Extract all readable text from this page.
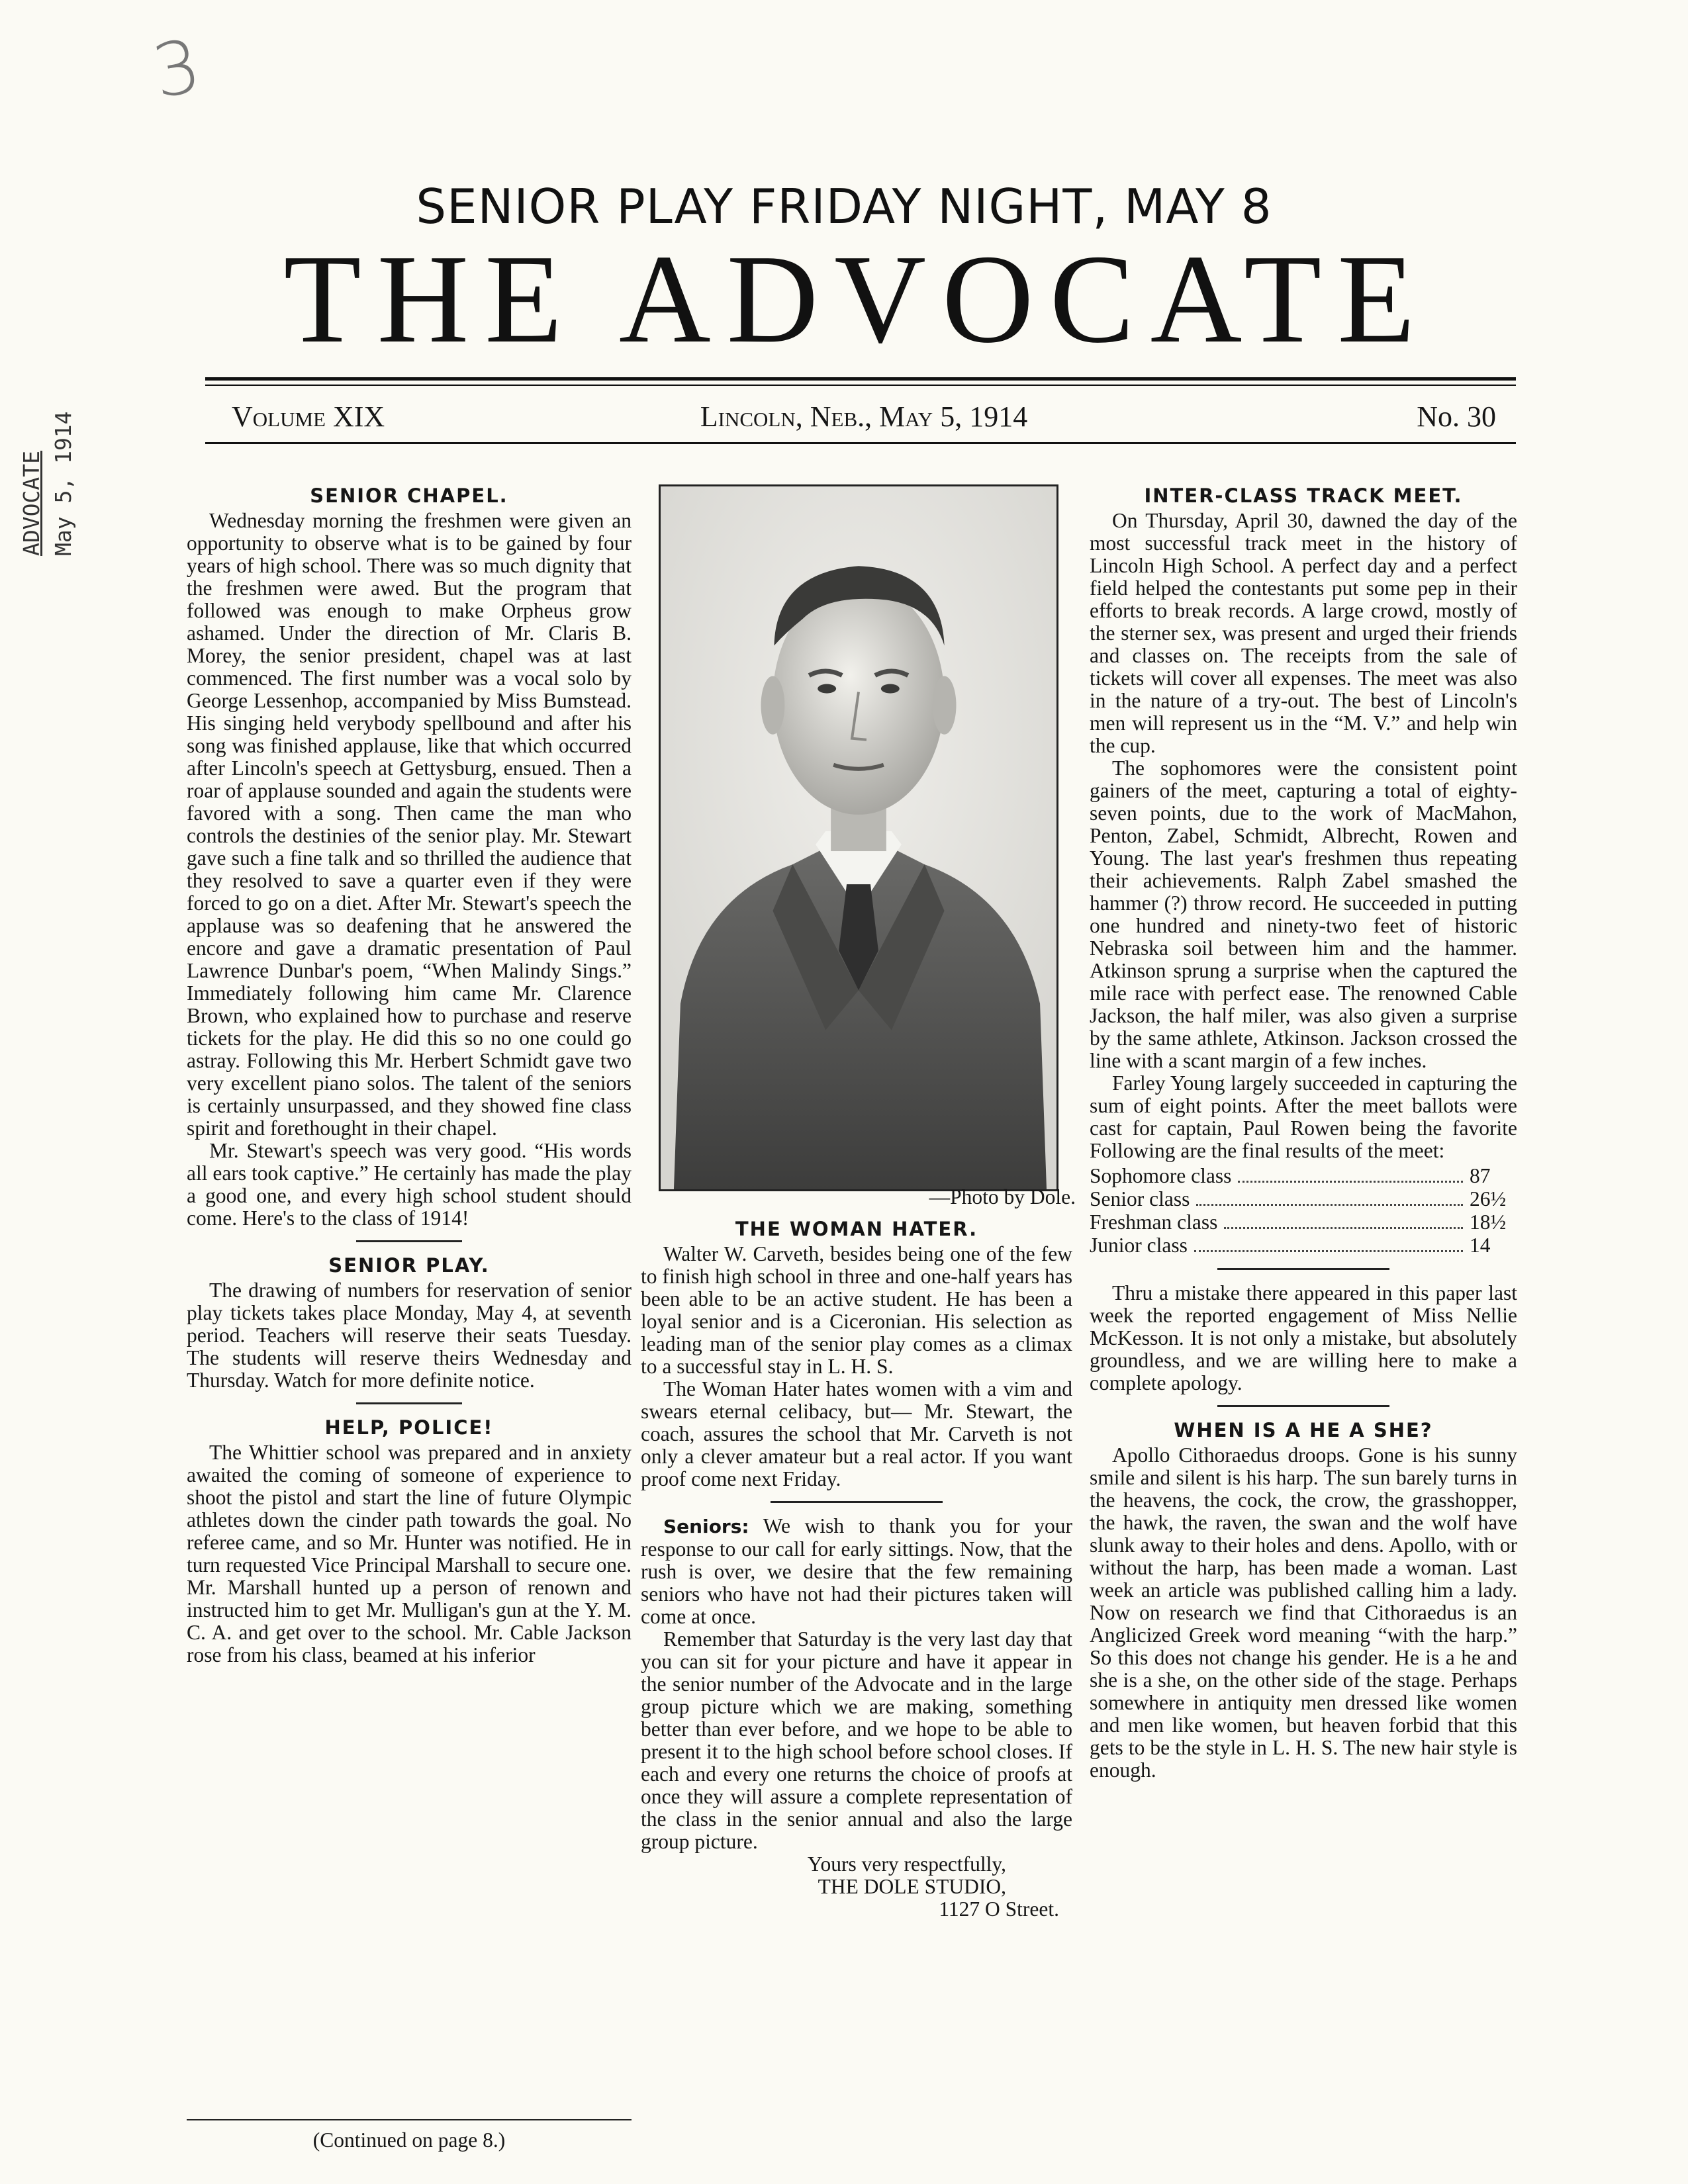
3
ADVOCATE May 5, 1914
SENIOR PLAY FRIDAY NIGHT, MAY 8
THE ADVOCATE
Volume XIX	Lincoln, Neb., May 5, 1914	No. 30
SENIOR CHAPEL.

Wednesday morning the freshmen were given an opportunity to observe what is to be gained by four years of high school. There was so much dignity that the freshmen were awed. But the program that followed was enough to make Orpheus grow ashamed. Under the direction of Mr. Claris B. Morey, the senior president, chapel was at last commenced. The first number was a vocal solo by George Lessenhop, accompanied by Miss Bumstead. His singing held verybody spellbound and after his song was finished applause, like that which occurred after Lincoln's speech at Gettysburg, ensued. Then a roar of applause sounded and again the students were favored with a song. Then came the man who controls the destinies of the senior play. Mr. Stewart gave such a fine talk and so thrilled the audience that they resolved to save a quarter even if they were forced to go on a diet. After Mr. Stewart's speech the applause was so deafening that he answered the encore and gave a dramatic presentation of Paul Lawrence Dunbar's poem, “When Malindy Sings.” Immediately following him came Mr. Clarence Brown, who explained how to purchase and reserve tickets for the play. He did this so no one could go astray. Following this Mr. Herbert Schmidt gave two very excellent piano solos. The talent of the seniors is certainly unsurpassed, and they showed fine class spirit and forethought in their chapel.

Mr. Stewart's speech was very good. “His words all ears took captive.” He certainly has made the play a good one, and every high school student should come. Here's to the class of 1914!

SENIOR PLAY.

The drawing of numbers for reservation of senior play tickets takes place Monday, May 4, at seventh period. Teachers will reserve their seats Tuesday. The students will reserve theirs Wednesday and Thursday. Watch for more definite notice.

HELP, POLICE!

The Whittier school was prepared and in anxiety awaited the coming of someone of experience to shoot the pistol and start the line of future Olympic athletes down the cinder path towards the goal. No referee came, and so Mr. Hunter was notified. He in turn requested Vice Principal Marshall to secure one. Mr. Marshall hunted up a person of renown and instructed him to get Mr. Mulligan's gun at the Y. M. C. A. and get over to the school. Mr. Cable Jackson rose from his class, beamed at his inferior

(Continued on page 8.)
—Photo by Dole.
THE WOMAN HATER.

Walter W. Carveth, besides being one of the few to finish high school in three and one-half years has been able to be an active student. He has been a loyal senior and is a Ciceronian. His selection as leading man of the senior play comes as a climax to a successful stay in L. H. S.

The Woman Hater hates women with a vim and swears eternal celibacy, but— Mr. Stewart, the coach, assures the school that Mr. Carveth is not only a clever amateur but a real actor. If you want proof come next Friday.

Seniors: We wish to thank you for your response to our call for early sittings. Now, that the rush is over, we desire that the few remaining seniors who have not had their pictures taken will come at once.

Remember that Saturday is the very last day that you can sit for your picture and have it appear in the senior number of the Advocate and in the large group picture which we are making, something better than ever before, and we hope to be able to present it to the high school before school closes. If each and every one returns the choice of proofs at once they will assure a complete representation of the class in the senior annual and also the large group picture.

Yours very respectfully,
THE DOLE STUDIO,
1127 O Street.

INTER-CLASS TRACK MEET.

On Thursday, April 30, dawned the day of the most successful track meet in the history of Lincoln High School. A perfect day and a perfect field helped the contestants put some pep in their efforts to break records. A large crowd, mostly of the sterner sex, was present and urged their friends and classes on. The receipts from the sale of tickets will cover all expenses. The meet was also in the nature of a try-out. The best of Lincoln's men will represent us in the “M. V.” and help win the cup.

The sophomores were the consistent point gainers of the meet, capturing a total of eighty-seven points, due to the work of MacMahon, Penton, Zabel, Schmidt, Albrecht, Rowen and Young. The last year's freshmen thus repeating their achievements. Ralph Zabel smashed the hammer (?) throw record. He succeeded in putting one hundred and ninety-two feet of historic Nebraska soil between him and the hammer. Atkinson sprung a surprise when the captured the mile race with perfect ease. The renowned Cable Jackson, the half miler, was also given a surprise by the same athlete, Atkinson. Jackson crossed the line with a scant margin of a few inches.

Farley Young largely succeeded in capturing the sum of eight points. After the meet ballots were cast for captain, Paul Rowen being the favorite Following are the final results of the meet:

Sophomore class	87
Senior class	26½
Freshman class	18½
Junior class	14

Thru a mistake there appeared in this paper last week the reported engagement of Miss Nellie McKesson. It is not only a mistake, but absolutely groundless, and we are willing here to make a complete apology.

WHEN IS A HE A SHE?

Apollo Cithoraedus droops. Gone is his sunny smile and silent is his harp. The sun barely turns in the heavens, the cock, the crow, the grasshopper, the hawk, the raven, the swan and the wolf have slunk away to their holes and dens. Apollo, with or without the harp, has been made a woman. Last week an article was published calling him a lady. Now on research we find that Cithoraedus is an Anglicized Greek word meaning “with the harp.” So this does not change his gender. He is a he and she is a she, on the other side of the stage. Perhaps somewhere in antiquity men dressed like women and men like women, but heaven forbid that this gets to be the style in L. H. S. The new hair style is enough.
